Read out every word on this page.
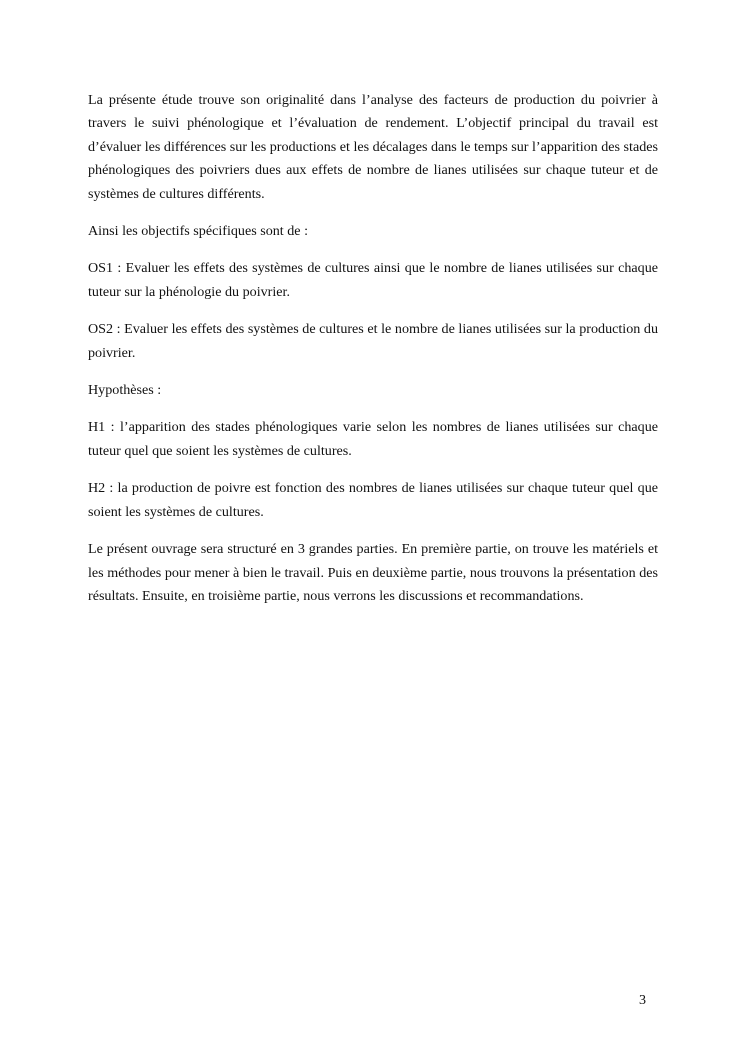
La présente étude trouve son originalité dans l’analyse des facteurs de production du poivrier à travers le suivi phénologique et l’évaluation de rendement. L’objectif principal du travail est d’évaluer les différences sur les productions et les décalages dans le temps sur l’apparition des stades phénologiques des poivriers dues aux effets de nombre de lianes utilisées sur chaque tuteur et de systèmes de cultures différents.

Ainsi les objectifs spécifiques sont de :

OS1 : Evaluer les effets des systèmes de cultures ainsi que le nombre de lianes utilisées sur chaque tuteur sur la phénologie du poivrier.

OS2 : Evaluer les effets des systèmes de cultures et le nombre de lianes utilisées sur la production du poivrier.

Hypothèses :

H1 : l’apparition des stades phénologiques varie selon les nombres de lianes utilisées sur chaque tuteur quel que soient les systèmes de cultures.

H2 : la production de poivre est fonction des nombres de lianes utilisées sur chaque tuteur quel que soient les systèmes de cultures.

Le présent ouvrage sera structuré en 3 grandes parties. En première partie, on trouve les matériels et les méthodes pour mener à bien le travail. Puis en deuxième partie, nous trouvons la présentation des résultats. Ensuite, en troisième partie, nous verrons les discussions et recommandations.

3
